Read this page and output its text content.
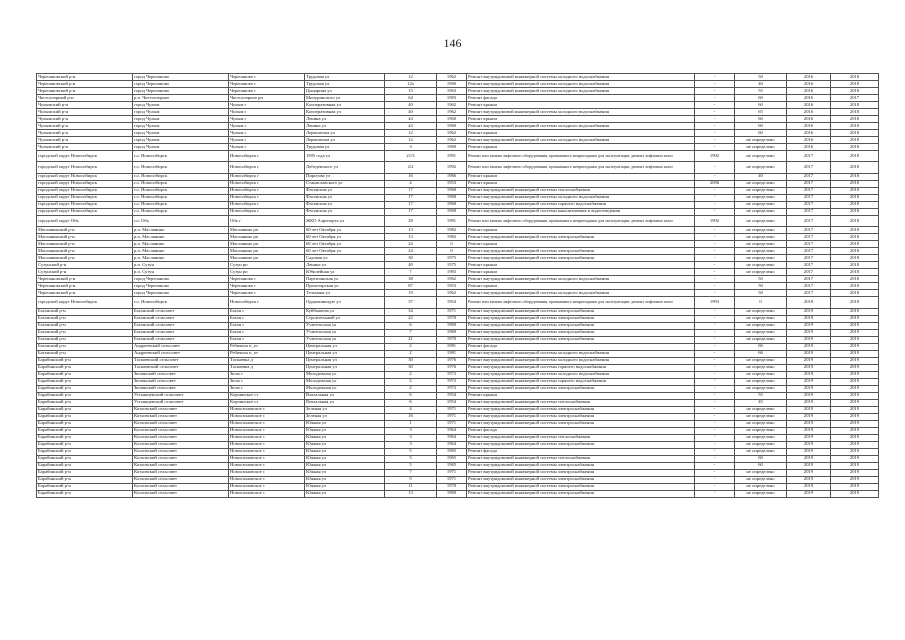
146
Черепановский р-н	город Черепаново	Черепаново г	Трудовая ул	12	1962	Ремонт внутридомовой инженерной системы холодного водоснабжения	-	50	2016	2018
Черепановский р-н	город Черепаново	Черепаново г	Трудовая ул	12а	1980	Ремонт внутридомовой инженерной системы холодного водоснабжения	-	40	2016	2018
Черепановский р-н	город Черепаново	Черепаново г	Цыцарина ул	15	1963	Ремонт внутридомовой инженерной системы холодного водоснабжения	-	55	2016	2018
Чистоозерный р-н	р.п. Чистоозерное	Чистоозерное рп	Мичуринского ул	64	1983	Ремонт фасада	-	60	2016	2017
Чулымский р-н	город Чулым	Чулым г	Кооперативная ул	40	1962	Ремонт крыши	-	60	2016	2018
Чулымский р-н	город Чулым	Чулым г	Кооперативная ул	40	1962	Ремонт внутридомовой инженерной системы холодного водоснабжения	-	65	2016	2018
Чулымский р-н	город Чулым	Чулым г	Ленина ул	44	1960	Ремонт крыши	-	60	2016	2018
Чулымский р-н	город Чулым	Чулым г	Ленина ул	44	1960	Ремонт внутридомовой инженерной системы холодного водоснабжения	-	60	2016	2018
Чулымский р-н	город Чулым	Чулым г	Лермонтова ул	12	1962	Ремонт крыши	-	60	2016	2018
Чулымский р-н	город Чулым	Чулым г	Лермонтова ул	12	1962	Ремонт внутридомовой инженерной системы холодного водоснабжения	-	не определено	2016	2018
Чулымский р-н	город Чулым	Чулым г	Трудовая ул	3	1960	Ремонт крыши	-	не определено	2016	2018
городской округ Новосибирск	г.о. Новосибирск	Новосибирск г	1905 года ул	21/3	1991	Ремонт или замена лифтового оборудования, признанного непригодным для эксплуатации, ремонт лифтовых шахт	1992	не определено	2017	2018
городской округ Новосибирск	г.о. Новосибирск	Новосибирск г	Лобедевского ул	2/2	1992	Ремонт или замена лифтового оборудования, признанного непригодным для эксплуатации, ремонт лифтовых шахт	-	не определено	2017	2018
городской округ Новосибирск	г.о. Новосибирск	Новосибирск г	Пирогова ул	16	1966	Ремонт крыши	-	40	2017	2018
городской округ Новосибирск	г.о. Новосибирск	Новосибирск г	Станиславского ул	4	1953	Ремонт крыши	2006	не определено	2017	2018
городской округ Новосибирск	г.о. Новосибирск	Новосибирск г	Фасенская ул	17	1968	Ремонт внутридомовой инженерной системы теплоснабжения	-	не определено	2017	2018
городской округ Новосибирск	г.о. Новосибирск	Новосибирск г	Фасенская ул	17	1968	Ремонт внутридомовой инженерной системы холодного водоснабжения	-	не определено	2017	2018
городской округ Новосибирск	г.о. Новосибирск	Новосибирск г	Фасенская ул	17	1968	Ремонт внутридомовой инженерной системы горячего водоснабжения	-	не определено	2017	2018
городской округ Новосибирск	г.о. Новосибирск	Новосибирск г	Фасенская ул	17	1968	Ремонт внутридомовой инженерной системы канализования и водоотведения	-	не определено	2017	2018
городской округ Обь	г.о. Обь	Обь г	ЖКО Аэропорта ул	28	1991	Ремонт или замена лифтового оборудования, признанного непригодным для эксплуатации, ремонт лифтовых шахт	1992	не определено	2017	2018
Маслянинский р-н	р.п. Маслянино	Маслянино рп	60 лет Октября ул	13	1982	Ремонт крыши	-	не определено	2017	2018
Маслянинский р-н	р.п. Маслянино	Маслянино рп	60 лет Октября ул	13	1982	Ремонт внутридомовой инженерной системы электроснабжения	-	не определено	2017	2018
Маслянинский р-н	р.п. Маслянино	Маслянино рп	60 лет Октября ул	24	0	Ремонт крыши	-	не определено	2017	2018
Маслянинский р-н	р.п. Маслянино	Маслянино рп	60 лет Октября ул	24	0	Ремонт внутридомовой инженерной системы электроснабжения	-	не определено	2017	2018
Маслянинский р-н	р.п. Маслянино	Маслянино рп	Садовая ул	30	1975	Ремонт внутридомовой инженерной системы электроснабжения	-	не определено	2017	2018
Сузунский р-н	р.п. Сузун	Сузун рп	Ленина ул	40	1975	Ремонт крыши	-	не определено	2017	2018
Сузунский р-н	р.п. Сузун	Сузун рп	Юбилейная ул	7	1983	Ремонт крыши	-	не определено	2017	2018
Черепановский р-н	город Черепаново	Черепаново г	Партизанская ул	38	1962	Ремонт внутридомовой инженерной системы холодного водоснабжения	-	50	2017	2018
Черепановский р-н	город Черепаново	Черепаново г	Пролетарская ул	87	1953	Ремонт крыши	-	50	2017	2018
Черепановский р-н	город Черепаново	Черепаново г	Тельмана ул	19	1962	Ремонт внутридомовой инженерной системы холодного водоснабжения	-	50	2017	2018
городской округ Новосибирск	г.о. Новосибирск	Новосибирск г	Орджоникидзе ул	37	1954	Ремонт или замена лифтового оборудования, признанного непригодным для эксплуатации, ремонт лифтовых шахт	1993	0	2018	2018
Баганский р-н	Баганский сельсовет	Баган с	Куйбышева ул	34	1971	Ремонт внутридомовой инженерной системы электроснабжения	-	не определено	2019	2019
Баганский р-н	Баганский сельсовет	Баган с	Строительный ул	22	1970	Ремонт внутридомовой инженерной системы электроснабжения	-	не определено	2019	2019
Баганский р-н	Баганский сельсовет	Баган с	Учительская ул	6	1969	Ремонт внутридомовой инженерной системы электроснабжения	-	не определено	2019	2019
Баганский р-н	Баганский сельсовет	Баган с	Учительская ул	7	1969	Ремонт внутридомовой инженерной системы электроснабжения	-	не определено	2019	2019
Баганский р-н	Баганский сельсовет	Баган с	Учительская ул	21	1970	Ремонт внутридомовой инженерной системы электроснабжения	-	не определено	2019	2019
Баганский р-н	Андреевский сельсовет	Ребячиха п_от	Центральная ул	2	1981	Ремонт фасада	-	66	2019	2019
Баганский р-н	Андреевский сельсовет	Ребячиха п_от	Центральная ул	2	1981	Ремонт внутридомовой инженерной системы холодного водоснабжения	-	66	2019	2019
Барабинский р-н	Таскаевский сельсовет	Таскаевка д	Центральная ул	30	1976	Ремонт внутридомовой инженерной системы холодного водоснабжения	-	не определено	2019	2019
Барабинский р-н	Таскаевский сельсовет	Таскаевка д	Центральная ул	30	1976	Ремонт внутридомовой инженерной системы горячего водоснабжения	-	не определено	2019	2019
Барабинский р-н	Зюзинский сельсовет	Зюзя с	Молодежная ул	2	1972	Ремонт внутридомовой инженерной системы холодного водоснабжения	-	не определено	2019	2019
Барабинский р-н	Зюзинский сельсовет	Зюзя с	Молодежная ул	2	1972	Ремонт внутридомовой инженерной системы горячего водоснабжения	-	не определено	2019	2019
Барабинский р-н	Зюзинский сельсовет	Зюзя с	Молодежная ул	2	1972	Ремонт внутридомовой инженерной системы электроснабжения	-	не определено	2019	2019
Барабинский р-н	Устьянцевский сельсовет	Кирзинское ст	Вокзальная ул	6	1954	Ремонт крыши	-	55	2019	2019
Барабинский р-н	Устьянцевский сельсовет	Кирзинское ст	Вокзальная ул	6	1954	Ремонт внутридомовой инженерной системы теплоснабжения	-	45	2019	2019
Барабинский р-н	Козловский сельсовет	Новоозоновское с	Зеленая ул	4	1971	Ремонт внутридомовой инженерной системы электроснабжения	-	не определено	2019	2019
Барабинский р-н	Козловский сельсовет	Новоозоновское с	Зеленая ул	16	1971	Ремонт внутридомовой инженерной системы электроснабжения	-	не определено	2019	2019
Барабинский р-н	Козловский сельсовет	Новоозоновское с	Южная ул	1	1971	Ремонт внутридомовой инженерной системы электроснабжения	-	не определено	2019	2019
Барабинский р-н	Козловский сельсовет	Новоозоновское с	Южная ул	3	1964	Ремонт фасада	-	не определено	2019	2019
Барабинский р-н	Козловский сельсовет	Новоозоновское с	Южная ул	3	1964	Ремонт внутридомовой инженерной системы теплоснабжения	-	не определено	2019	2019
Барабинский р-н	Козловский сельсовет	Новоозоновское с	Южная ул	3	1964	Ремонт внутридомовой инженерной системы электроснабжения	-	не определено	2019	2019
Барабинский р-н	Козловский сельсовет	Новоозоновское с	Южная ул	5	1965	Ремонт фасада	-	не определено	2019	2019
Барабинский р-н	Козловский сельсовет	Новоозоновское с	Южная ул	5	1965	Ремонт внутридомовой инженерной системы теплоснабжения	-	60	2019	2019
Барабинский р-н	Козловский сельсовет	Новоозоновское с	Южная ул	5	1965	Ремонт внутридомовой инженерной системы электроснабжения	-	60	2019	2019
Барабинский р-н	Козловский сельсовет	Новоозоновское с	Южная ул	7	1971	Ремонт внутридомовой инженерной системы электроснабжения	-	не определено	2019	2019
Барабинский р-н	Козловский сельсовет	Новоозоновское с	Южная ул	9	1971	Ремонт внутридомовой инженерной системы электроснабжения	-	не определено	2019	2019
Барабинский р-н	Козловский сельсовет	Новоозоновское с	Южная ул	11	1970	Ремонт внутридомовой инженерной системы электроснабжения	-	не определено	2019	2019
Барабинский р-н	Козловский сельсовет	Новоозоновское с	Южная ул	13	1969	Ремонт внутридомовой инженерной системы электроснабжения	-	не определено	2019	2019
